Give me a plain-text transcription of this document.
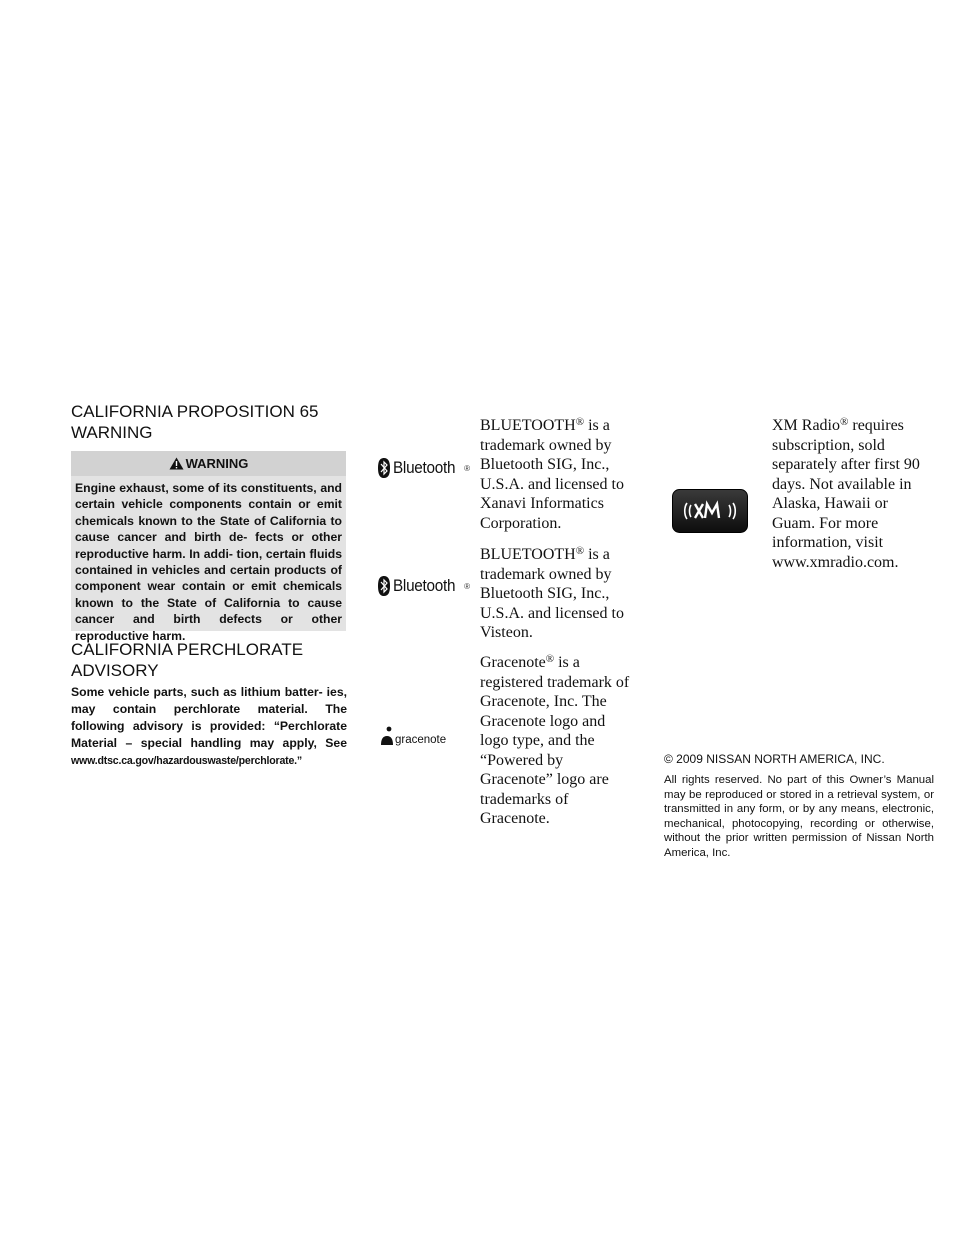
CALIFORNIA PROPOSITION 65

WARNING

WARNING
Engine exhaust, some of its constituents, and certain vehicle components contain or emit chemicals known to the State of California to cause cancer and birth de- fects or other reproductive harm. In addi- tion, certain fluids contained in vehicles and certain products of component wear contain or emit chemicals known to the State of California to cause cancer and birth defects or other reproductive harm.

CALIFORNIA PERCHLORATE

ADVISORY

Some vehicle parts, such as lithium batter- ies, may contain perchlorate material. The following advisory is provided: “Perchlorate Material – special handling may apply, See www.dtsc.ca.gov/hazardouswaste/perchlorate.”
Bluetooth ®
BLUETOOTH® is a
trademark owned by
Bluetooth SIG, Inc.,
U.S.A. and licensed to
Xanavi Informatics
Corporation.
Bluetooth ®
BLUETOOTH® is a
trademark owned by
Bluetooth SIG, Inc.,
U.S.A. and licensed to
Visteon.
gracenote
Gracenote® is a
registered trademark of
Gracenote, Inc. The
Gracenote logo and
logo type, and the
“Powered by
Gracenote” logo are
trademarks of
Gracenote.
XM Radio® requires
subscription, sold
separately after first 90
days. Not available in
Alaska, Hawaii or
Guam. For more
information, visit
www.xmradio.com.
© 2009 NISSAN NORTH AMERICA, INC.
All rights reserved. No part of this Owner’s Manual may be reproduced or stored in a retrieval system, or transmitted in any form, or by any means, electronic, mechanical, photocopying, recording or otherwise, without the prior written permission of Nissan North America, Inc.
